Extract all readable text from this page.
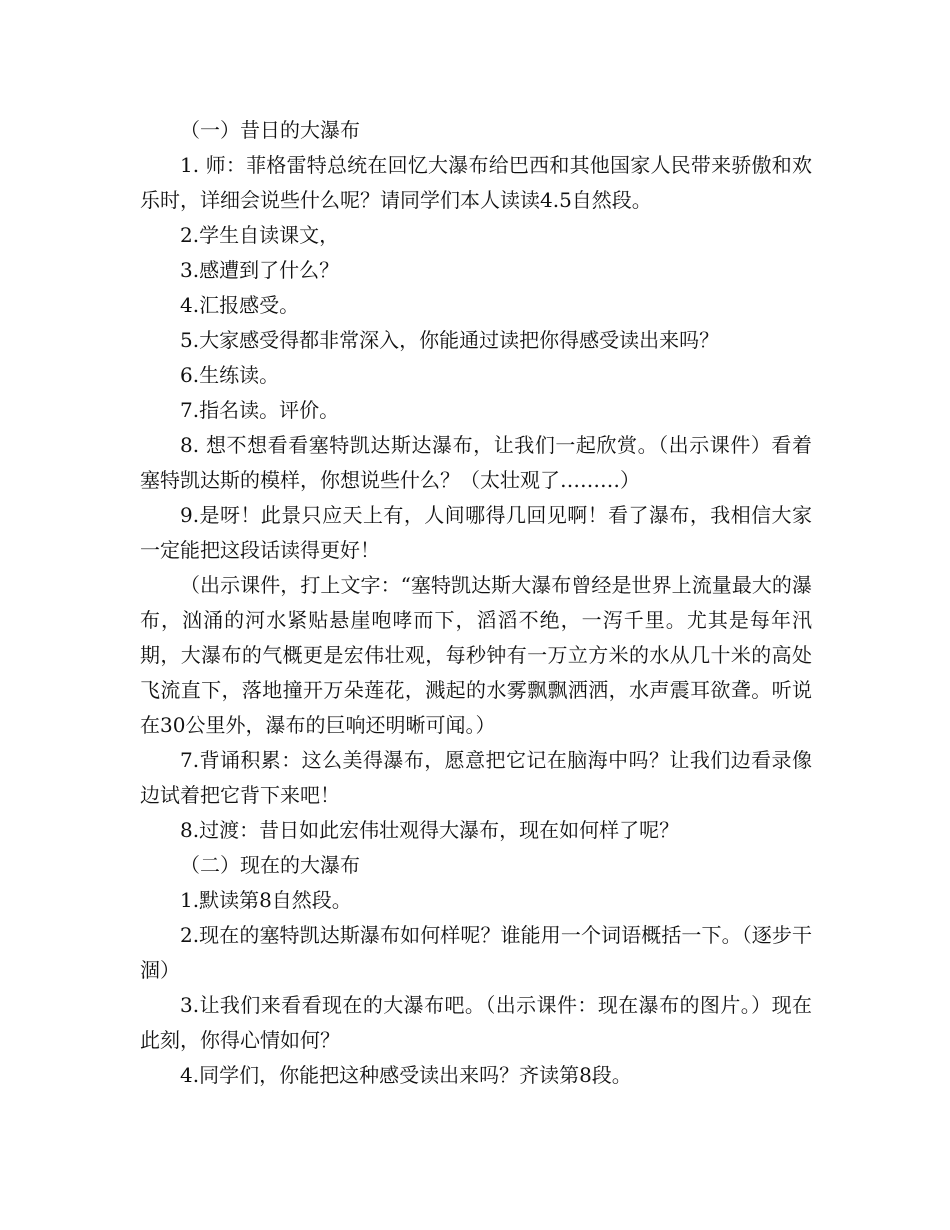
（一）昔日的大瀑布

1. 师：菲格雷特总统在回忆大瀑布给巴西和其他国家人民带来骄傲和欢乐时，详细会说些什么呢？请同学们本人读读4.5自然段。

2.学生自读课文，

3.感遭到了什么？

4.汇报感受。

5.大家感受得都非常深入，你能通过读把你得感受读出来吗？

6.生练读。

7.指名读。评价。

8. 想不想看看塞特凯达斯达瀑布，让我们一起欣赏。（出示课件）看着塞特凯达斯的模样，你想说些什么？（太壮观了………）

9.是呀！此景只应天上有，人间哪得几回见啊！看了瀑布，我相信大家一定能把这段话读得更好！

（出示课件，打上文字：“塞特凯达斯大瀑布曾经是世界上流量最大的瀑布，汹涌的河水紧贴悬崖咆哮而下，滔滔不绝，一泻千里。尤其是每年汛期，大瀑布的气概更是宏伟壮观，每秒钟有一万立方米的水从几十米的高处飞流直下，落地撞开万朵莲花，溅起的水雾飘飘洒洒，水声震耳欲聋。听说在30公里外，瀑布的巨响还明晰可闻。）

7.背诵积累：这么美得瀑布，愿意把它记在脑海中吗？让我们边看录像边试着把它背下来吧！

8.过渡：昔日如此宏伟壮观得大瀑布，现在如何样了呢？

（二）现在的大瀑布

1.默读第8自然段。

2.现在的塞特凯达斯瀑布如何样呢？谁能用一个词语概括一下。（逐步干涸）

3.让我们来看看现在的大瀑布吧。（出示课件：现在瀑布的图片。）现在此刻，你得心情如何？

4.同学们，你能把这种感受读出来吗？齐读第8段。
